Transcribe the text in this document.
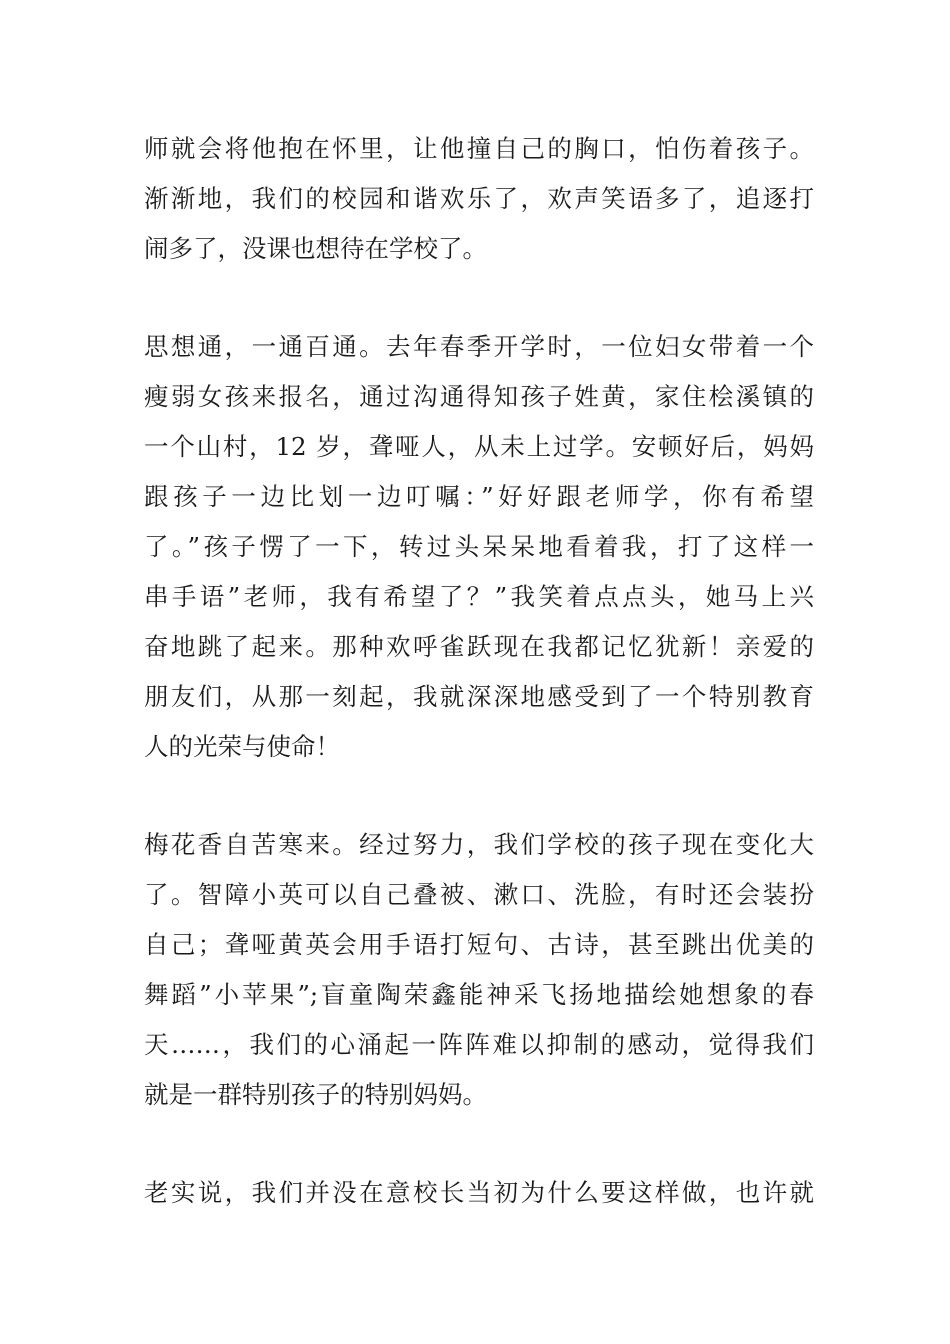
师就会将他抱在怀里，让他撞自己的胸口，怕伤着孩子。
渐渐地，我们的校园和谐欢乐了，欢声笑语多了，追逐打
闹多了，没课也想待在学校了。
思想通，一通百通。去年春季开学时，一位妇女带着一个
瘦弱女孩来报名，通过沟通得知孩子姓黄，家住桧溪镇的
一个山村，12 岁，聋哑人，从未上过学。安顿好后，妈妈
跟孩子一边比划一边叮嘱：”好好跟老师学，你有希望
了。”孩子愣了一下，转过头呆呆地看着我，打了这样一
串手语”老师，我有希望了？”我笑着点点头，她马上兴
奋地跳了起来。那种欢呼雀跃现在我都记忆犹新！亲爱的
朋友们，从那一刻起，我就深深地感受到了一个特别教育
人的光荣与使命！
梅花香自苦寒来。经过努力，我们学校的孩子现在变化大
了。智障小英可以自己叠被、漱口、洗脸，有时还会装扮
自己；聋哑黄英会用手语打短句、古诗，甚至跳出优美的
舞蹈”小苹果”;盲童陶荣鑫能神采飞扬地描绘她想象的春
天……，我们的心涌起一阵阵难以抑制的感动，觉得我们
就是一群特别孩子的特别妈妈。
老实说，我们并没在意校长当初为什么要这样做，也许就
